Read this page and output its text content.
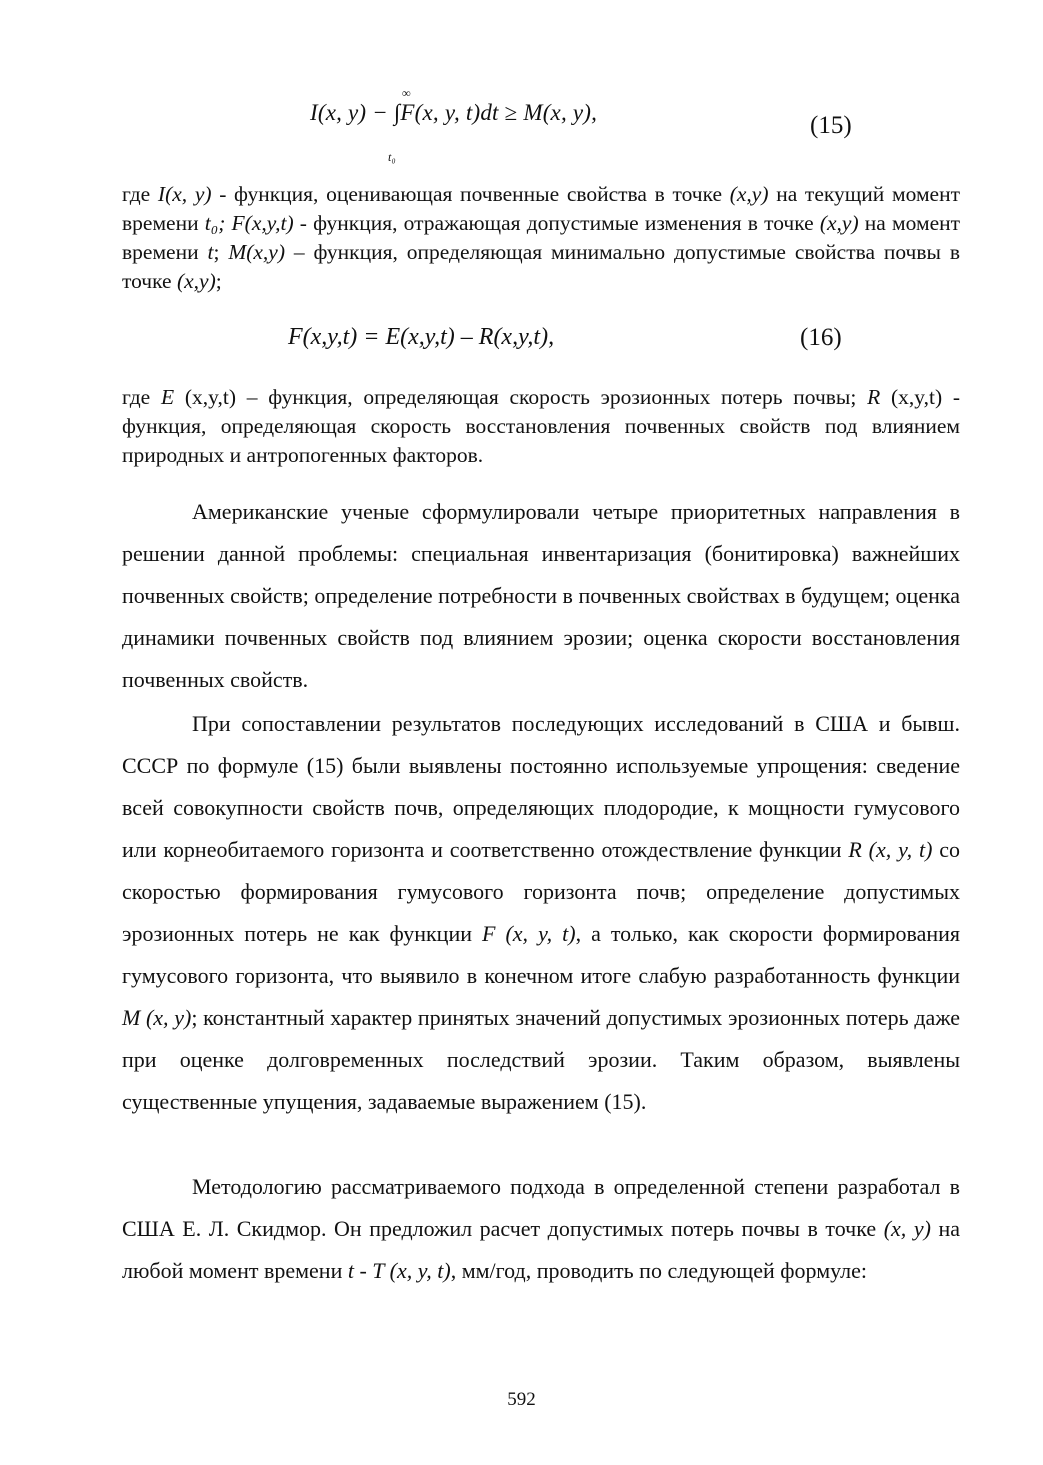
∞
I(x, y) − ∫F(x, y, t)dt ≥ M(x, y),
t₀
(15)
где I(x, y) - функция, оценивающая почвенные свойства в точке (x,y) на текущий момент времени t₀; F(x,y,t) - функция, отражающая допустимые изменения в точке (x,y) на момент времени t; M(x,y) – функция, определяющая минимально допустимые свойства почвы в точке (x,y);
F(x,y,t) = E(x,y,t) – R(x,y,t),	(16)
где E (x,y,t) – функция, определяющая скорость эрозионных потерь почвы; R (x,y,t) - функция, определяющая скорость восстановления почвенных свойств под влиянием природных и антропогенных факторов.

Американские ученые сформулировали четыре приоритетных направления в решении данной проблемы: специальная инвентаризация (бонитировка) важнейших почвенных свойств; определение потребности в почвенных свойствах в будущем; оценка динамики почвенных свойств под влиянием эрозии; оценка скорости восстановления почвенных свойств.

При сопоставлении результатов последующих исследований в США и бывш. СССР по формуле (15) были выявлены постоянно используемые упрощения: сведение всей совокупности свойств почв, определяющих плодородие, к мощности гумусового или корнеобитаемого горизонта и соответственно отождествление функции R (x, y, t) со скоростью формирования гумусового горизонта почв; определение допустимых эрозионных потерь не как функции F (x, y, t), а только, как скорости формирования гумусового горизонта, что выявило в конечном итоге слабую разработанность функции M (x, y); константный характер принятых значений допустимых эрозионных потерь даже при оценке долговременных последствий эрозии. Таким образом, выявлены существенные упущения, задаваемые выражением (15).

Методологию рассматриваемого подхода в определенной степени разработал в США Е. Л. Скидмор. Он предложил расчет допустимых потерь почвы в точке (x, y) на любой момент времени t - T (x, y, t), мм/год, проводить по следующей формуле:

592
